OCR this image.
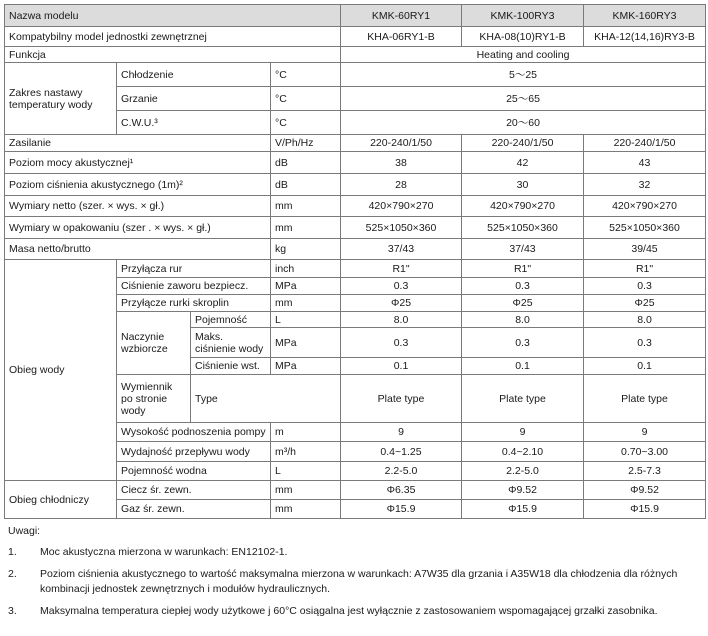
Nazwa modelu				KMK-60RY1	KMK-100RY3	KMK-160RY3
Kompatybilny model jednostki zewnętrznej				KHA-06RY1-B	KHA-08(10)RY1-B	KHA-12(14,16)RY3-B
Funkcja				Heating and cooling		
Zakres nastawy temperatury wody	Chłodzenie		°C	5～25		
	Grzanie		°C	25～65		
	C.W.U.³		°C	20～60		
Zasilanie			V/Ph/Hz	220-240/1/50	220-240/1/50	220-240/1/50
Poziom mocy akustycznej¹			dB	38	42	43
Poziom ciśnienia akustycznego (1m)²			dB	28	30	32
Wymiary netto (szer. × wys. × gł.)			mm	420×790×270	420×790×270	420×790×270
Wymiary w opakowaniu (szer . × wys. × gł.)			mm	525×1050×360	525×1050×360	525×1050×360
Masa netto/brutto			kg	37/43	37/43	39/45
Obieg wody	Przyłącza rur		inch	R1"	R1"	R1"
	Ciśnienie zaworu bezpiecz.		MPa	0.3	0.3	0.3
	Przyłącze rurki skroplin		mm	Φ25	Φ25	Φ25
	Naczynie wzbiorcze	Pojemność	L	8.0	8.0	8.0
		Maks. ciśnienie wody	MPa	0.3	0.3	0.3
		Ciśnienie wst.	MPa	0.1	0.1	0.1
	Wymiennik po stronie wody	Type		Plate type	Plate type	Plate type
	Wysokość podnoszenia pompy		m	9	9	9
	Wydajność przepływu wody		m³/h	0.4~1.25	0.4~2.10	0.70~3.00
	Pojemność wodna		L	2.2-5.0	2.2-5.0	2.5-7.3
Obieg chłodniczy	Ciecz śr. zewn.		mm	Φ6.35	Φ9.52	Φ9.52
	Gaz śr. zewn.		mm	Φ15.9	Φ15.9	Φ15.9
Uwagi:
1.	Moc akustyczna mierzona w warunkach: EN12102-1.
2.	Poziom ciśnienia akustycznego to wartość maksymalna mierzona w warunkach: A7W35 dla grzania i A35W18 dla chłodzenia dla różnych kombinacji jednostek zewnętrznych i modułów hydraulicznych.
3.	Maksymalna temperatura ciepłej wody użytkowe j 60°C osiągalna jest wyłącznie z zastosowaniem wspomagającej grzałki zasobnika.
